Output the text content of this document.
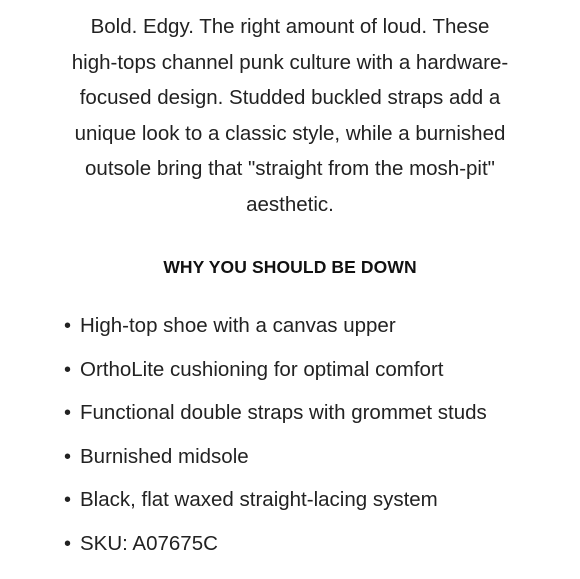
Bold. Edgy. The right amount of loud. These
high-tops channel punk culture with a hardware-
focused design. Studded buckled straps add a
unique look to a classic style, while a burnished
outsole bring that "straight from the mosh-pit"
aesthetic.
WHY YOU SHOULD BE DOWN
• High-top shoe with a canvas upper
• OrthoLite cushioning for optimal comfort
• Functional double straps with grommet studs
• Burnished midsole
• Black, flat waxed straight-lacing system
• SKU: A07675C
